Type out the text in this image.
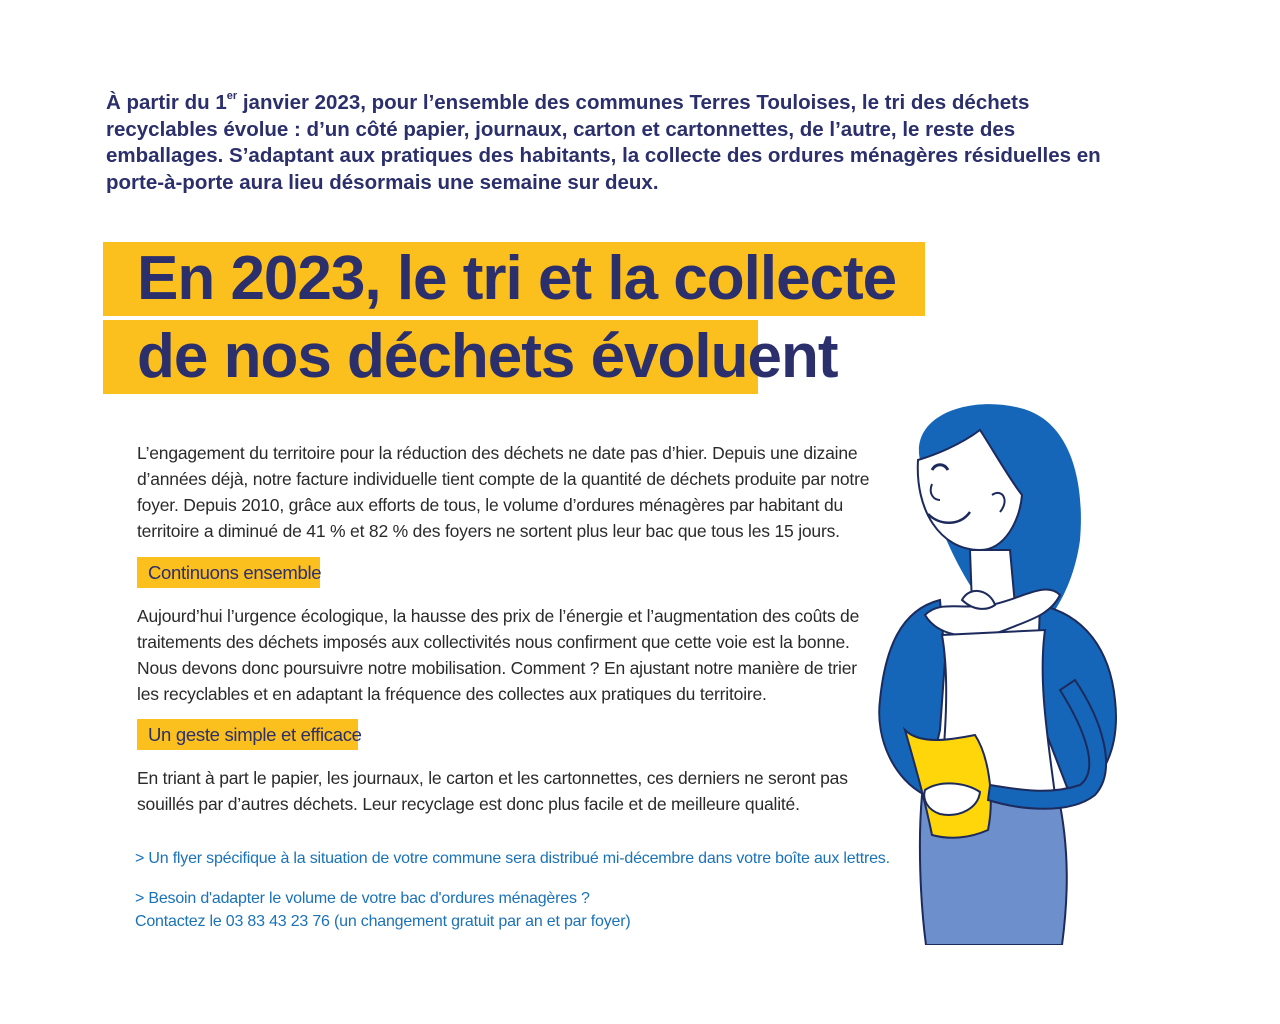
À partir du 1er janvier 2023, pour l’ensemble des communes Terres Touloises, le tri des déchets recyclables évolue : d’un côté papier, journaux, carton et cartonnettes, de l’autre, le reste des emballages. S’adaptant aux pratiques des habitants, la collecte des ordures ménagères résiduelles en porte-à-porte aura lieu désormais une semaine sur deux.

En 2023, le tri et la collecte
de nos déchets évoluent

L’engagement du territoire pour la réduction des déchets ne date pas d’hier. Depuis une dizaine d’années déjà, notre facture individuelle tient compte de la quantité de déchets produite par notre foyer. Depuis 2010, grâce aux efforts de tous, le volume d’ordures ménagères par habitant du territoire a diminué de 41 % et 82 % des foyers ne sortent plus leur bac que tous les 15 jours.

Continuons ensemble

Aujourd’hui l’urgence écologique, la hausse des prix de l’énergie et l’augmentation des coûts de traitements des déchets imposés aux collectivités nous confirment que cette voie est la bonne. Nous devons donc poursuivre notre mobilisation. Comment ? En ajustant notre manière de trier les recyclables et en adaptant la fréquence des collectes aux pratiques du territoire.

Un geste simple et efficace

En triant à part le papier, les journaux, le carton et les cartonnettes, ces derniers ne seront pas souillés par d’autres déchets. Leur recyclage est donc plus facile et de meilleure qualité.

> Un flyer spécifique à la situation de votre commune sera distribué mi-décembre dans votre boîte aux lettres.

> Besoin d'adapter le volume de votre bac d'ordures ménagères ?
Contactez le 03 83 43 23 76 (un changement gratuit par an et par foyer)
